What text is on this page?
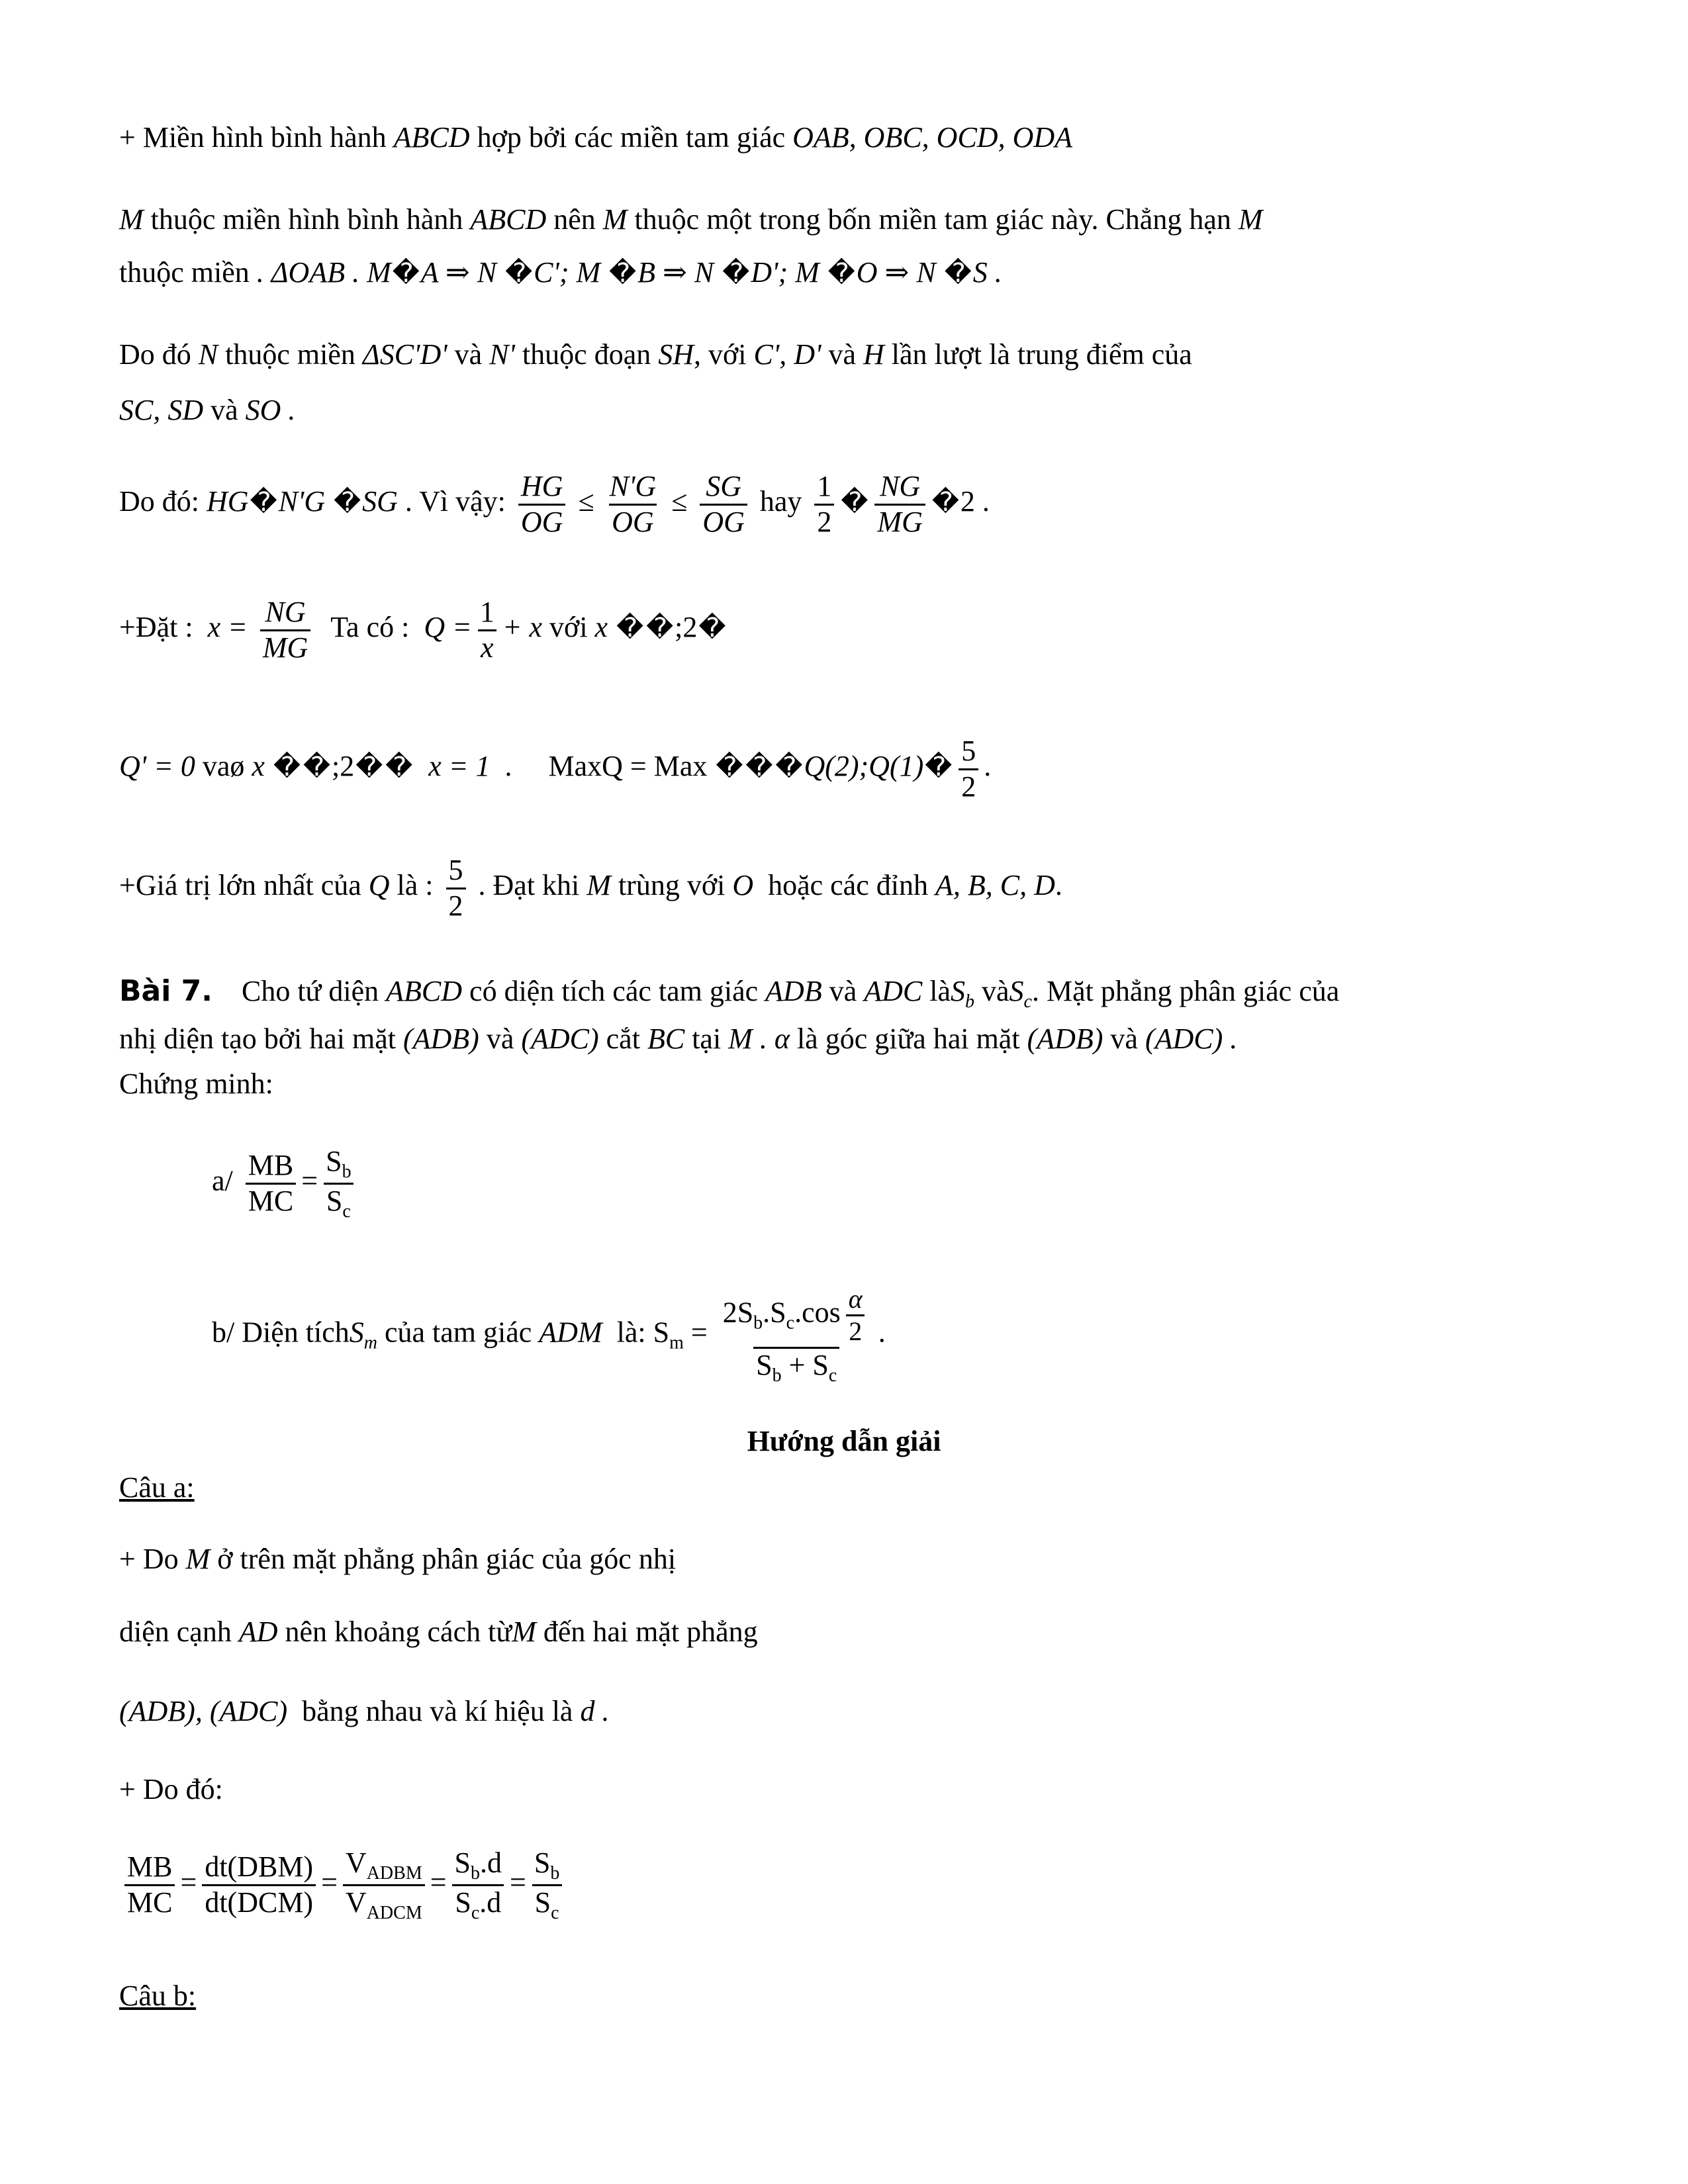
+ Miền hình bình hành ABCD hợp bởi các miền tam giác OAB, OBC, OCD, ODA
M thuộc miền hình bình hành ABCD nên M thuộc một trong bốn miền tam giác này. Chẳng hạn M
thuộc miền . ΔOAB . M�A ⇒ N �C'; M �B ⇒ N �D'; M �O ⇒ N �S .
Do đó N thuộc miền ΔSC'D' và N' thuộc đoạn SH, với C', D' và H lần lượt là trung điểm của
SC, SD và SO .
Do đó: HG�N'G �SG . Vì vậy: $\frac{HG}{OG} \le \frac{N'G}{OG} \le \frac{SG}{OG}$ hay $\frac{1}{2}$ � $\frac{NG}{MG}$ �2 .
+Đặt : $x = \frac{NG}{MG}$ Ta có : $Q = \frac{1}{x} + x$ với x � �;2�
Q' = 0 vaø x � �;2� � x = 1 . MaxQ = Max � � �Q(2);Q(1)� $\frac{5}{2}$ .
+Giá trị lớn nhất của Q là : $\frac{5}{2}$ . Đạt khi M trùng với O hoặc các đỉnh A, B, C, D.
Bài 7. Cho tứ diện ABCD có diện tích các tam giác ADB và ADC làS$_b$ vàS$_c$. Mặt phẳng phân giác của
nhị diện tạo bởi hai mặt (ADB) và (ADC) cắt BC tại M . α là góc giữa hai mặt (ADB) và (ADC) .
Chứng minh:
$a/ \frac{MB}{MC} = \frac{S_b}{S_c}$
b/ Diện tíchS$_m$ của tam giác ADM là: $S_m = \frac{2S_b.S_c.\cos \frac{\alpha}{2}}{S_b + S_c}$ .
Hướng dẫn giải
Câu a:
+ Do M ở trên mặt phẳng phân giác của góc nhị
diện cạnh AD nên khoảng cách từM đến hai mặt phẳng
(ADB), (ADC) bằng nhau và kí hiệu là d .
+ Do đó:
$\frac{MB}{MC} = \frac{\text{dt(DBM)}}{\text{dt(DCM)}} = \frac{V_{ADBM}}{V_{ADCM}} = \frac{S_b.d}{S_c.d} = \frac{S_b}{S_c}$
Câu b:
